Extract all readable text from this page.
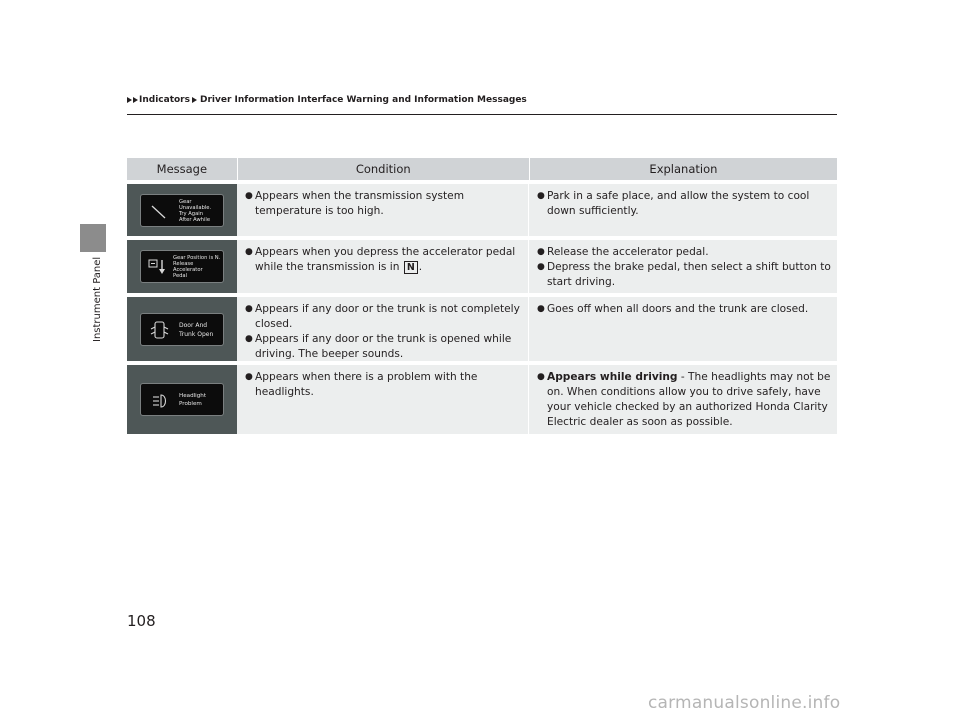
Instrument Panel
Indicators Driver Information Interface Warning and Information Messages
Message	Condition	Explanation
Gear
Unavailable.
Try Again
After Awhile
● Appears when the transmission system temperature is too high.
● Park in a safe place, and allow the system to cool down sufficiently.
Gear Position is N.
Release
Accelerator
Pedal
● Appears when you depress the accelerator pedal while the transmission is in N .
● Release the accelerator pedal.
● Depress the brake pedal, then select a shift button to start driving.
Door And
Trunk Open
● Appears if any door or the trunk is not completely closed.
● Appears if any door or the trunk is opened while driving. The beeper sounds.
● Goes off when all doors and the trunk are closed.
Headlight
Problem
● Appears when there is a problem with the headlights.
● Appears while driving - The headlights may not be on. When conditions allow you to drive safely, have your vehicle checked by an authorized Honda Clarity Electric dealer as soon as possible.
108
carmanualsonline.info
